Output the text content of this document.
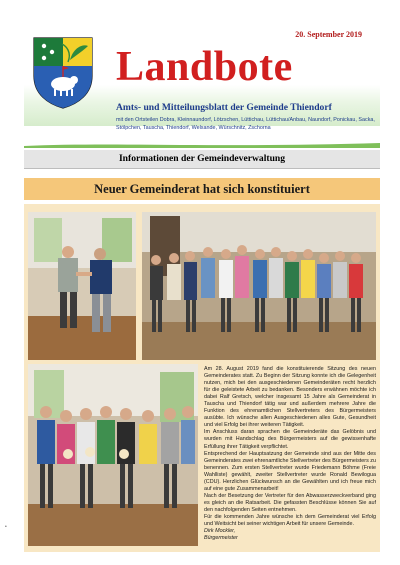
20. September 2019
Landbote
Amts- und Mitteilungsblatt der Gemeinde Thiendorf
mit den Ortsteilen Dobra, Kleinnaundorf, Lötzschen, Lüttichau, Lüttichau/Anbau, Naundorf, Ponickau, Sacka, Stölpchen, Tauscha, Thiendorf, Welxande, Würschnitz, Zschorna
Informationen der Gemeindeverwaltung
Neuer Gemeinderat hat sich konstituiert

Am 28. August 2019 fand die konstituierende Sitzung des neuen Gemeinderates statt. Zu Beginn der Sitzung konnte ich die Gelegenheit nutzen, mich bei den ausgeschiedenen Gemeinderäten recht herzlich für die geleistete Arbeit zu bedanken. Besonders erwähnen möchte ich dabei Ralf Gretsch, welcher insgesamt 15 Jahre als Gemeinderat in Tauscha und Thiendorf tätig war und außerdem mehrere Jahre die Funktion des ehrenamtlichen Stellvertreters des Bürgermeisters ausübte. Ich wünsche allen Ausgeschiedenen alles Gute, Gesundheit und viel Erfolg bei ihrer weiteren Tätigkeit.

Im Anschluss daran sprachen die Gemeinderäte das Gelöbnis und wurden mit Handschlag des Bürgermeisters auf die gewissenhafte Erfüllung ihrer Tätigkeit verpflichtet.

Entsprechend der Hauptsatzung der Gemeinde sind aus der Mitte des Gemeinderates zwei ehrenamtliche Stellvertreter des Bürgermeisters zu benennen. Zum ersten Stellvertreter wurde Friedemann Böhme (Freie Wahlliste) gewählt, zweiter Stellvertreter wurde Ronald Bewilogua (CDU). Herzlichen Glückwunsch an die Gewählten und ich freue mich auf eine gute Zusammenarbeit!

Nach der Besetzung der Vertreter für den Abwasserzweckverband ging es gleich an die Ratsarbeit. Die gefassten Beschlüsse können Sie auf den nachfolgenden Seiten entnehmen.

Für die kommenden Jahre wünsche ich dem Gemeinderat viel Erfolg und Weitsicht bei seiner wichtigen Arbeit für unsere Gemeinde.

Dirk Mockler,

Bürgermeister

•
